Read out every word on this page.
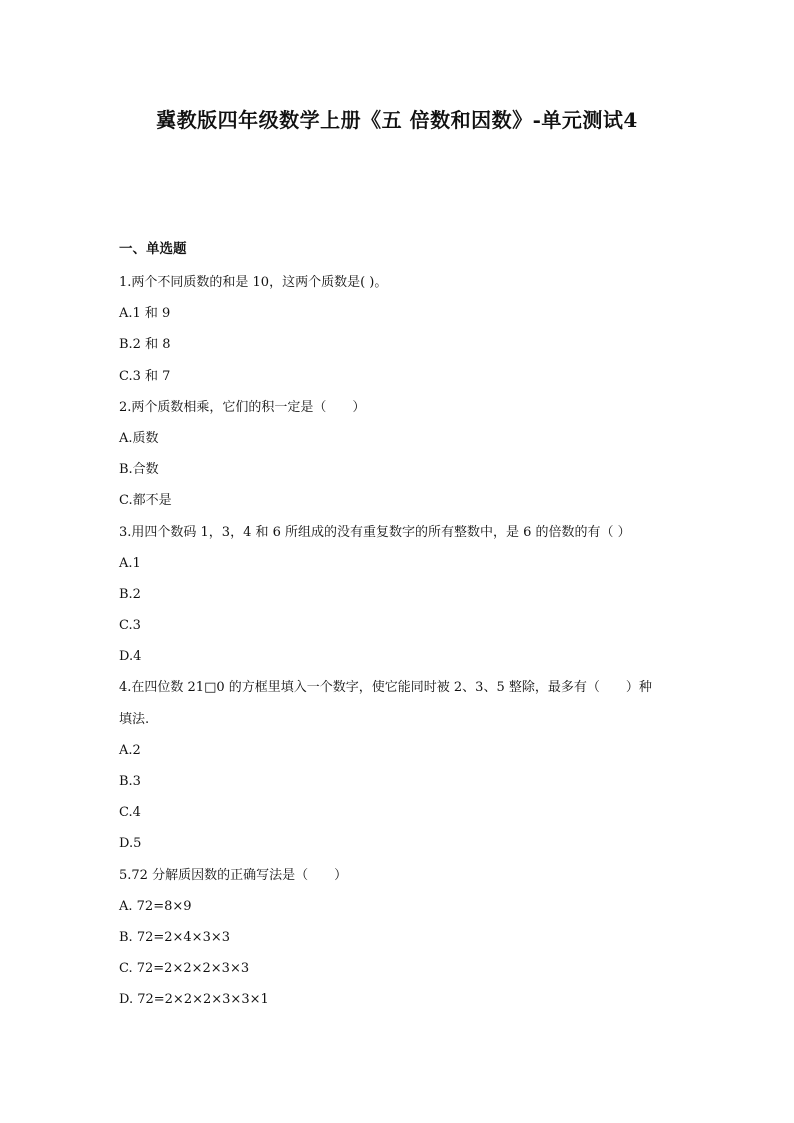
冀教版四年级数学上册《五 倍数和因数》-单元测试4
一、单选题
1.两个不同质数的和是 10，这两个质数是( )。
A.1 和 9
B.2 和 8
C.3 和 7
2.两个质数相乘，它们的积一定是（　　）
A.质数
B.合数
C.都不是
3.用四个数码 1，3，4 和 6 所组成的没有重复数字的所有整数中，是 6 的倍数的有（ ）
A.1
B.2
C.3
D.4
4.在四位数 21□0 的方框里填入一个数字，使它能同时被 2、3、5 整除，最多有（　　）种
填法.
A.2
B.3
C.4
D.5
5.72 分解质因数的正确写法是（　　）
A. 72=8×9
B. 72=2×4×3×3
C. 72=2×2×2×3×3
D. 72=2×2×2×3×3×1
